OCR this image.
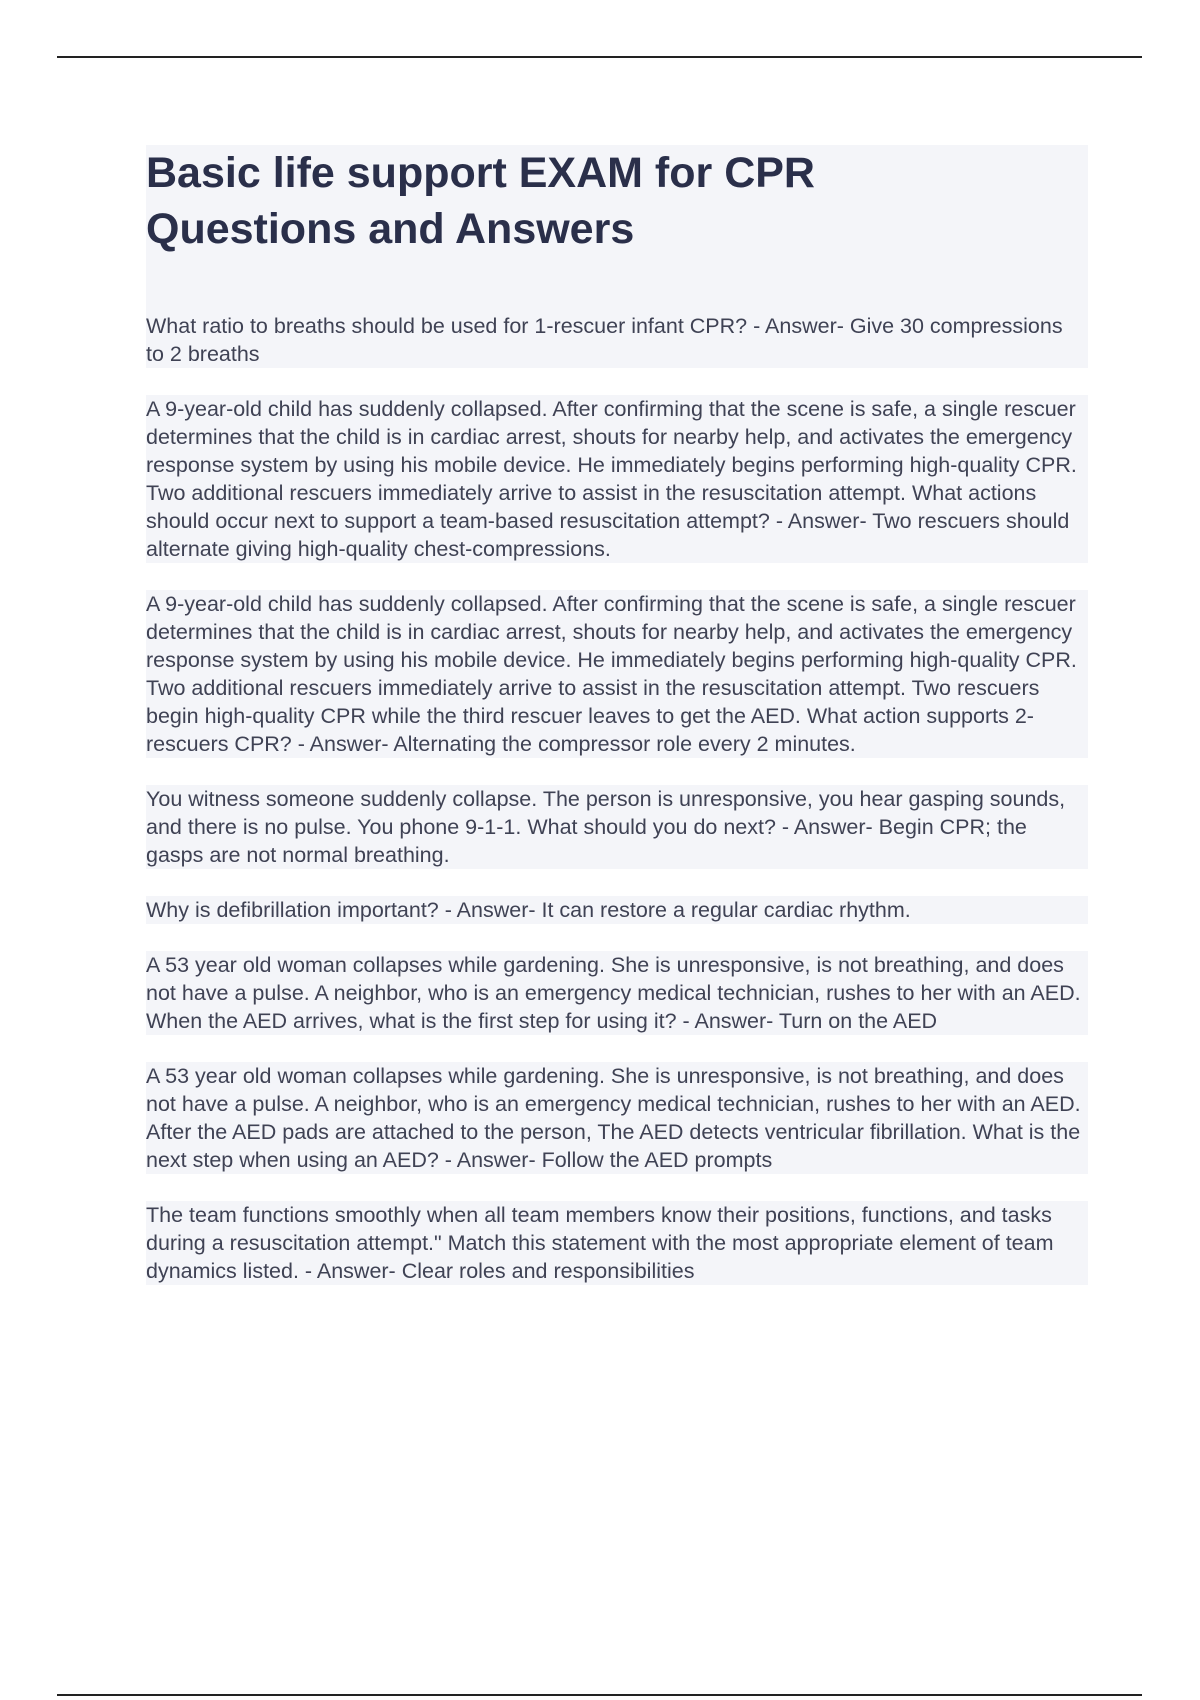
Basic life support EXAM for CPR
Questions and Answers

What ratio to breaths should be used for 1-rescuer infant CPR? - Answer- Give 30 compressions to 2 breaths

A 9-year-old child has suddenly collapsed. After confirming that the scene is safe, a single rescuer determines that the child is in cardiac arrest, shouts for nearby help, and activates the emergency response system by using his mobile device. He immediately begins performing high-quality CPR. Two additional rescuers immediately arrive to assist in the resuscitation attempt. What actions should occur next to support a team-based resuscitation attempt? - Answer- Two rescuers should alternate giving high-quality chest-compressions.

A 9-year-old child has suddenly collapsed. After confirming that the scene is safe, a single rescuer determines that the child is in cardiac arrest, shouts for nearby help, and activates the emergency response system by using his mobile device. He immediately begins performing high-quality CPR. Two additional rescuers immediately arrive to assist in the resuscitation attempt. Two rescuers begin high-quality CPR while the third rescuer leaves to get the AED. What action supports 2-rescuers CPR? - Answer- Alternating the compressor role every 2 minutes.

You witness someone suddenly collapse. The person is unresponsive, you hear gasping sounds, and there is no pulse. You phone 9-1-1. What should you do next? - Answer- Begin CPR; the gasps are not normal breathing.

Why is defibrillation important? - Answer- It can restore a regular cardiac rhythm.

A 53 year old woman collapses while gardening. She is unresponsive, is not breathing, and does not have a pulse. A neighbor, who is an emergency medical technician, rushes to her with an AED. When the AED arrives, what is the first step for using it? - Answer- Turn on the AED

A 53 year old woman collapses while gardening. She is unresponsive, is not breathing, and does not have a pulse. A neighbor, who is an emergency medical technician, rushes to her with an AED. After the AED pads are attached to the person, The AED detects ventricular fibrillation. What is the next step when using an AED? - Answer- Follow the AED prompts

The team functions smoothly when all team members know their positions, functions, and tasks during a resuscitation attempt." Match this statement with the most appropriate element of team dynamics listed. - Answer- Clear roles and responsibilities
